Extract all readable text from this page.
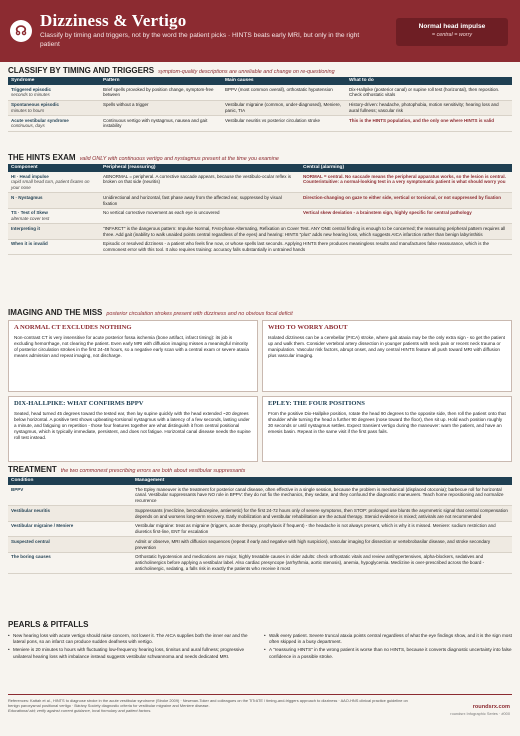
☊
Dizziness & Vertigo
Classify by timing and triggers, not by the word the patient picks · HINTS beats early MRI, but only in the right patient
Normal head impulse
= central = worry
CLASSIFY BY TIMING AND TRIGGERS symptom-quality descriptions are unreliable and change on re-questioning
Syndrome	Pattern	Main causes	What to do
Triggered episodic
seconds to minutes	Brief spells provoked by position change, symptom-free between	BPPV (most common overall), orthostatic hypotension	Dix-Hallpike (posterior canal) or supine roll test (horizontal), then reposition. Check orthostatic vitals
Spontaneous episodic
minutes to hours	Spells without a trigger	Vestibular migraine (common, under-diagnosed), Meniere, panic, TIA	History-driven: headache, photophobia, motion sensitivity; hearing loss and aural fullness; vascular risk
Acute vestibular syndrome
continuous, days	Continuous vertigo with nystagmus, nausea and gait instability	Vestibular neuritis vs posterior circulation stroke	This is the HINTS population, and the only one where HINTS is valid
THE HINTS EXAM valid ONLY with continuous vertigo and nystagmus present at the time you examine
Component	Peripheral (reassuring)	Central (alarming)
HI · Head impulse
rapid small head turn, patient fixates on your nose	ABNORMAL = peripheral. A corrective saccade appears, because the vestibulo-ocular reflex is broken on that side (neuritis)	NORMAL = central. No saccade means the peripheral apparatus works, so the lesion is central. Counterintuitive: a normal-looking test in a very symptomatic patient is what should worry you
N · Nystagmus	Unidirectional and horizontal, fast phase away from the affected ear, suppressed by visual fixation	Direction-changing on gaze to either side, vertical or torsional, or not suppressed by fixation
TS · Test of Skew
alternate cover test	No vertical corrective movement as each eye is uncovered	Vertical skew deviation - a brainstem sign, highly specific for central pathology
Interpreting it	"INFARCT" is the dangerous pattern: Impulse Normal, FAst-phase Alternating, Refixation on Cover Test. ANY ONE central finding is enough to be concerned; the reassuring peripheral pattern requires all three. Add gait (inability to walk unaided points central regardless of the eyes) and hearing: HINTS "plus" adds new hearing loss, which suggests AICA infarction rather than benign labyrinthitis	
When it is invalid	Episodic or resolved dizziness - a patient who feels fine now, or whose spells last seconds. Applying HINTS there produces meaningless results and manufactures false reassurance, which is the commonest error with this tool. It also requires training: accuracy falls substantially in untrained hands	
IMAGING AND THE MISS posterior circulation strokes present with dizziness and no obvious focal deficit
A NORMAL CT EXCLUDES NOTHING
Non-contrast CT is very insensitive for acute posterior fossa ischemia (bone artifact, infarct timing): its job is excluding hemorrhage, not clearing the patient. Even early MRI with diffusion imaging misses a meaningful minority of posterior circulation strokes in the first 24-48 hours, so a negative early scan with a central exam or severe ataxia means admission and repeat imaging, not discharge.
WHO TO WORRY ABOUT
Isolated dizziness can be a cerebellar (PICA) stroke, where gait ataxia may be the only extra sign - so get the patient up and walk them. Consider vertebral artery dissection in younger patients with neck pain or recent neck trauma or manipulation. Vascular risk factors, abrupt onset, and any central HINTS feature all push toward MRI with diffusion plus vascular imaging.
DIX-HALLPIKE: WHAT CONFIRMS BPPV
Seated, head turned 45 degrees toward the tested ear, then lay supine quickly with the head extended ~20 degrees below horizontal. A positive test shows upbeating-torsional nystagmus with a latency of a few seconds, lasting under a minute, and fatiguing on repetition - those four features together are what distinguish it from central positional nystagmus, which is typically immediate, persistent, and does not fatigue. Horizontal canal disease needs the supine roll test instead.
EPLEY: THE FOUR POSITIONS
From the positive Dix-Hallpike position, rotate the head 90 degrees to the opposite side, then roll the patient onto that shoulder while turning the head a further 90 degrees (nose toward the floor), then sit up. Hold each position roughly 30 seconds or until nystagmus settles. Expect transient vertigo during the maneuver: warn the patient, and have an emesis basin. Repeat in the same visit if the first pass fails.
TREATMENT the two commonest prescribing errors are both about vestibular suppressants
Condition	Management
BPPV	The Epley maneuver is the treatment for posterior canal disease, often effective in a single session, because the problem is mechanical (displaced otoconia); barbecue roll for horizontal canal. Vestibular suppressants have NO role in BPPV: they do not fix the mechanics, they sedate, and they confound the diagnostic maneuvers. Teach home repositioning and normalize recurrence
Vestibular neuritis	Suppressants (meclizine, benzodiazepine, antiemetic) for the first 24-72 hours only of severe symptoms, then STOP: prolonged use blunts the asymmetric signal that central compensation depends on and worsens long-term recovery. Early mobilization and vestibular rehabilitation are the actual therapy. Steroid evidence is mixed; antivirals are not recommended
Vestibular migraine / Meniere	Vestibular migraine: treat as migraine (triggers, acute therapy, prophylaxis if frequent) - the headache is not always present, which is why it is missed. Meniere: sodium restriction and diuretics first-line, ENT for escalation
Suspected central	Admit or observe, MRI with diffusion sequences (repeat if early and negative with high suspicion), vascular imaging for dissection or vertebrobasilar disease, and stroke secondary prevention
The boring causes	Orthostatic hypotension and medications are major, highly treatable causes in older adults: check orthostatic vitals and review antihypertensives, alpha-blockers, sedatives and anticholinergics before applying a vestibular label. Also cardiac presyncope (arrhythmia, aortic stenosis), anemia, hypoglycemia. Meclizine is over-prescribed across the board - anticholinergic, sedating, a falls risk in exactly the patients who receive it most
PEARLS & PITFALLS
• New hearing loss with acute vertigo should raise concern, not lower it. The AICA supplies both the inner ear and the lateral pons, so an infarct can produce sudden deafness with vertigo.
• Meniere is 20 minutes to hours with fluctuating low-frequency hearing loss, tinnitus and aural fullness; progressive unilateral hearing loss with imbalance instead suggests vestibular schwannoma and needs dedicated MRI.
• Walk every patient. Severe truncal ataxia points central regardless of what the eye findings show, and it is the sign most often skipped in a busy department.
• A "reassuring HINTS" in the wrong patient is worse than no HINTS, because it converts diagnostic uncertainty into false confidence in a possible stroke.
References: Kattah et al., HINTS to diagnose stroke in the acute vestibular syndrome (Stroke 2009) · Newman-Toker and colleagues on the TiTrATE / timing-and-triggers approach to dizziness · AAO-HNS clinical practice guideline on benign paroxysmal positional vertigo · Bárány Society diagnostic criteria for vestibular migraine and Meniere disease.
Educational aid; verify against current guidance, local formulary and patient factors.
roundsrx.com
roundsrx Infographic Series · #000
